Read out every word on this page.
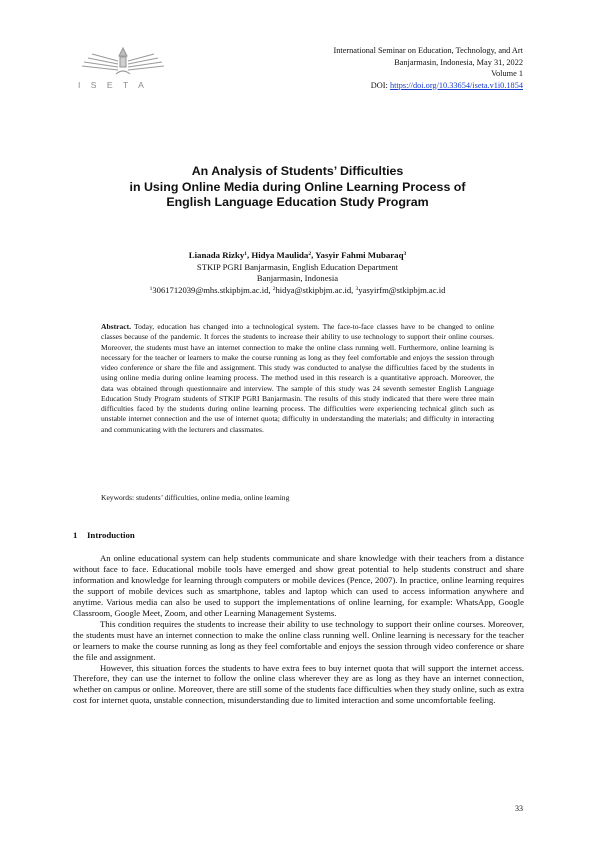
ISETA
International Seminar on Education, Technology, and Art
Banjarmasin, Indonesia, May 31, 2022
Volume 1
DOI: https://doi.org/10.33654/iseta.v1i0.1854
An Analysis of Students’ Difficulties
in Using Online Media during Online Learning Process of
English Language Education Study Program
Lianada Rizky$^1$, Hidya Maulida$^2$, Yasyir Fahmi Mubaraq$^3$
STKIP PGRI Banjarmasin, English Education Department
Banjarmasin, Indonesia
$^1$3061712039@mhs.stkipbjm.ac.id, $^2$hidya@stkipbjm.ac.id, $^3$yasyirfm@stkipbjm.ac.id
Abstract. Today, education has changed into a technological system. The face-to-face classes have to be changed to online classes because of the pandemic. It forces the students to increase their ability to use technology to support their online courses. Moreover, the students must have an internet connection to make the online class running well. Furthermore, online learning is necessary for the teacher or learners to make the course running as long as they feel comfortable and enjoys the session through video conference or share the file and assignment. This study was conducted to analyse the difficulties faced by the students in using online media during online learning process. The method used in this research is a quantitative approach. Moreover, the data was obtained through questionnaire and interview. The sample of this study was 24 seventh semester English Language Education Study Program students of STKIP PGRI Banjarmasin. The results of this study indicated that there were three main difficulties faced by the students during online learning process. The difficulties were experiencing technical glitch such as unstable internet connection and the use of internet quota; difficulty in understanding the materials; and difficulty in interacting and communicating with the lecturers and classmates.
Keywords: students’ difficulties, online media, online learning
1 Introduction

An online educational system can help students communicate and share knowledge with their teachers from a distance without face to face. Educational mobile tools have emerged and show great potential to help students construct and share information and knowledge for learning through computers or mobile devices (Pence, 2007). In practice, online learning requires the support of mobile devices such as smartphone, tables and laptop which can used to access information anywhere and anytime. Various media can also be used to support the implementations of online learning, for example: WhatsApp, Google Classroom, Google Meet, Zoom, and other Learning Management Systems.

This condition requires the students to increase their ability to use technology to support their online courses. Moreover, the students must have an internet connection to make the online class running well. Online learning is necessary for the teacher or learners to make the course running as long as they feel comfortable and enjoys the session through video conference or share the file and assignment.

However, this situation forces the students to have extra fees to buy internet quota that will support the internet access. Therefore, they can use the internet to follow the online class wherever they are as long as they have an internet connection, whether on campus or online. Moreover, there are still some of the students face difficulties when they study online, such as extra cost for internet quota, unstable connection, misunderstanding due to limited interaction and some uncomfortable feeling.

33
